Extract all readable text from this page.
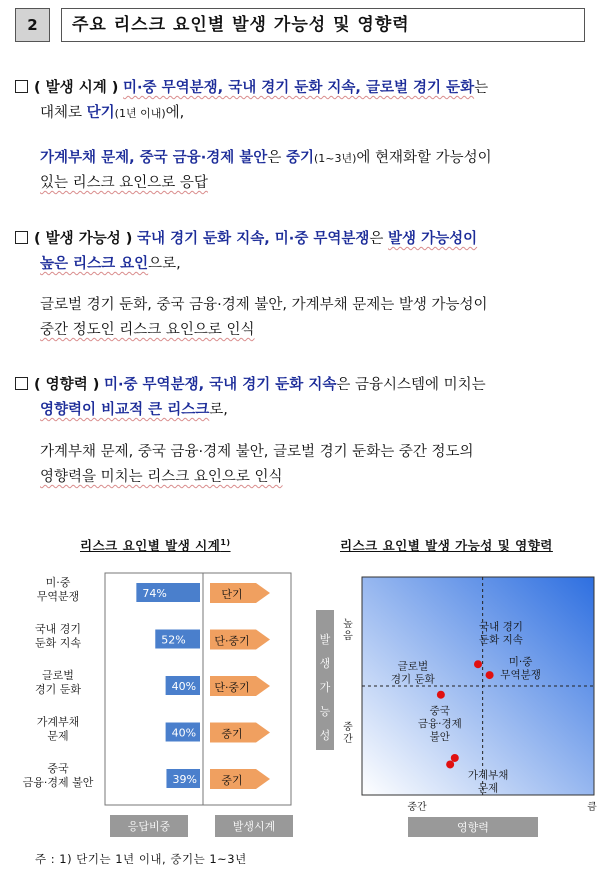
2	주요 리스크 요인별 발생 가능성 및 영향력
( 발생 시계 ) 미·중 무역분쟁, 국내 경기 둔화 지속, 글로벌 경기 둔화는
대체로 단기(1년 이내)에,
가계부채 문제, 중국 금융·경제 불안은 중기(1~3년)에 현재화할 가능성이
있는 리스크 요인으로 응답
( 발생 가능성 ) 국내 경기 둔화 지속, 미·중 무역분쟁은 발생 가능성이
높은 리스크 요인으로,
글로벌 경기 둔화, 중국 금융·경제 불안, 가계부채 문제는 발생 가능성이
중간 정도인 리스크 요인으로 인식
( 영향력 ) 미·중 무역분쟁, 국내 경기 둔화 지속은 금융시스템에 미치는
영향력이 비교적 큰 리스크로,
가계부채 문제, 중국 금융·경제 불안, 글로벌 경기 둔화는 중간 정도의
영향력을 미치는 리스크 요인으로 인식
리스크 요인별 발생 시계$^{1)}$	리스크 요인별 발생 가능성 및 영향력
미·중
무역분쟁	74%	단기
국내 경기
둔화 지속	52%	단·중기
글로벌
경기 둔화	40% 단·중기
가계부채
문제	40% 중기
중국
금융·경제 불안	39% 중기
응답비중	발생시계
발
생
가
능
성
높
음
중
간
중간	큼
영향력
국내 경기
둔화 지속
미·중
무역분쟁
글로벌
경기 둔화
중국
금융·경제
불안
가계부채
문제
주 : 1) 단기는 1년 이내, 중기는 1~3년
